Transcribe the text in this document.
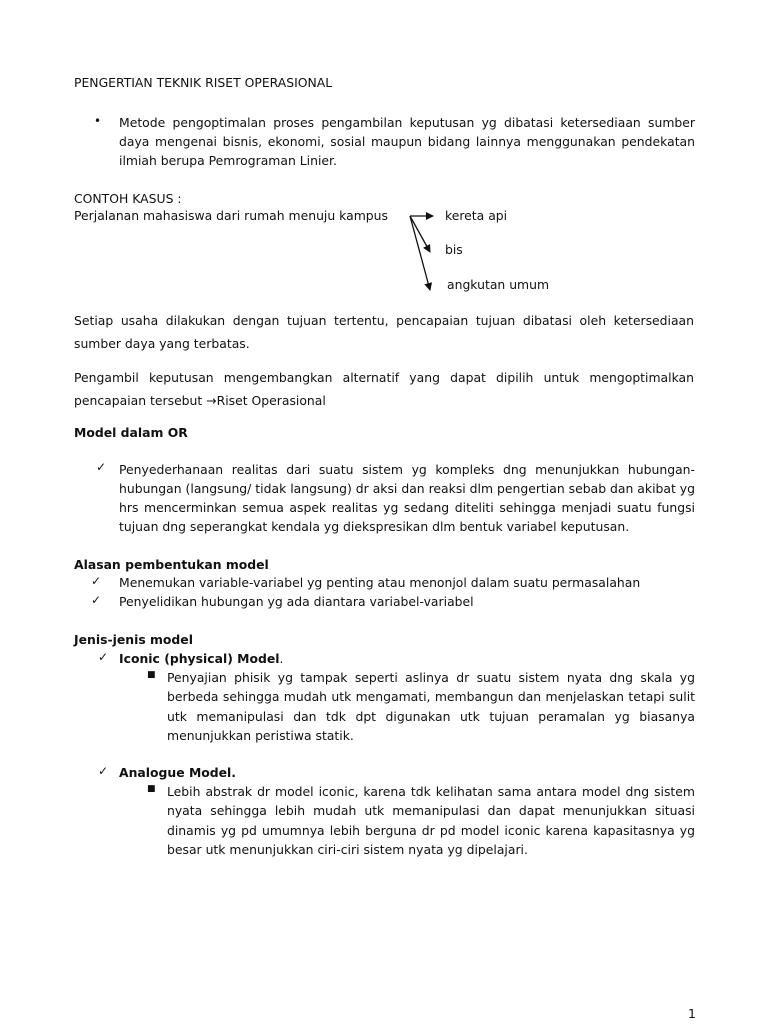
PENGERTIAN TEKNIK RISET OPERASIONAL
• Metode pengoptimalan proses pengambilan keputusan yg dibatasi ketersediaan sumber daya mengenai bisnis, ekonomi, sosial maupun bidang lainnya menggunakan pendekatan ilmiah berupa Pemrograman Linier.
CONTOH KASUS :
Perjalanan mahasiswa dari rumah menuju kampus	kereta api
bis
angkutan umum
Setiap usaha dilakukan dengan tujuan tertentu, pencapaian tujuan dibatasi oleh ketersediaan sumber daya yang terbatas.
Pengambil keputusan mengembangkan alternatif yang dapat dipilih untuk mengoptimalkan pencapaian tersebut →Riset Operasional
Model dalam OR
✓ Penyederhanaan realitas dari suatu sistem yg kompleks dng menunjukkan hubungan-hubungan (langsung/ tidak langsung) dr aksi dan reaksi dlm pengertian sebab dan akibat yg hrs mencerminkan semua aspek realitas yg sedang diteliti sehingga menjadi suatu fungsi tujuan dng seperangkat kendala yg diekspresikan dlm bentuk variabel keputusan.
Alasan pembentukan model
✓ Menemukan variable-variabel yg penting atau menonjol dalam suatu permasalahan
✓ Penyelidikan hubungan yg ada diantara variabel-variabel
Jenis-jenis model
✓ Iconic (physical) Model.
■ Penyajian phisik yg tampak seperti aslinya dr suatu sistem nyata dng skala yg berbeda sehingga mudah utk mengamati, membangun dan menjelaskan tetapi sulit utk memanipulasi dan tdk dpt digunakan utk tujuan peramalan yg biasanya menunjukkan peristiwa statik.
✓ Analogue Model.
■ Lebih abstrak dr model iconic, karena tdk kelihatan sama antara model dng sistem nyata sehingga lebih mudah utk memanipulasi dan dapat menunjukkan situasi dinamis yg pd umumnya lebih berguna dr pd model iconic karena kapasitasnya yg besar utk menunjukkan ciri-ciri sistem nyata yg dipelajari.
1
